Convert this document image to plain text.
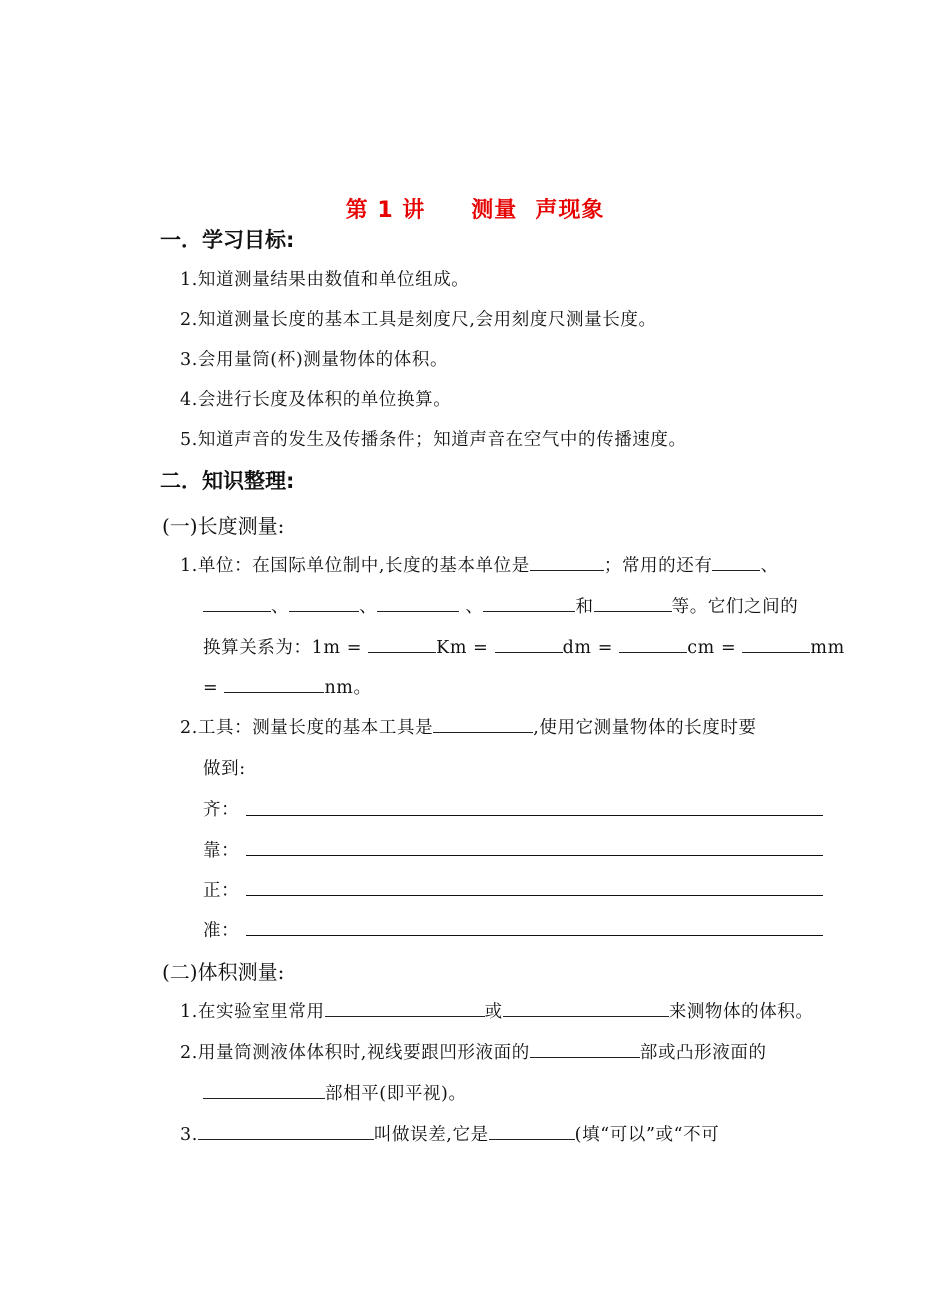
第 1 讲 测量 声现象
一．学习目标:
1.知道测量结果由数值和单位组成。
2.知道测量长度的基本工具是刻度尺,会用刻度尺测量长度。
3.会用量筒(杯)测量物体的体积。
4.会进行长度及体积的单位换算。
5.知道声音的发生及传播条件；知道声音在空气中的传播速度。
二．知识整理:
(一)长度测量:
1.单位：在国际单位制中,长度的基本单位是	；常用的还有	、
、	、	、	和	等。它们之间的
换算关系为：1m =	Km =	dm =	cm =	mm
=	nm。
2.工具：测量长度的基本工具是	,使用它测量物体的长度时要
做到:
齐：
靠：
正：
准：
(二)体积测量:
1.在实验室里常用	或	来测物体的体积。
2.用量筒测液体体积时,视线要跟凹形液面的	部或凸形液面的
部相平(即平视)。
3.	叫做误差,它是	(填“可以”或“不可
